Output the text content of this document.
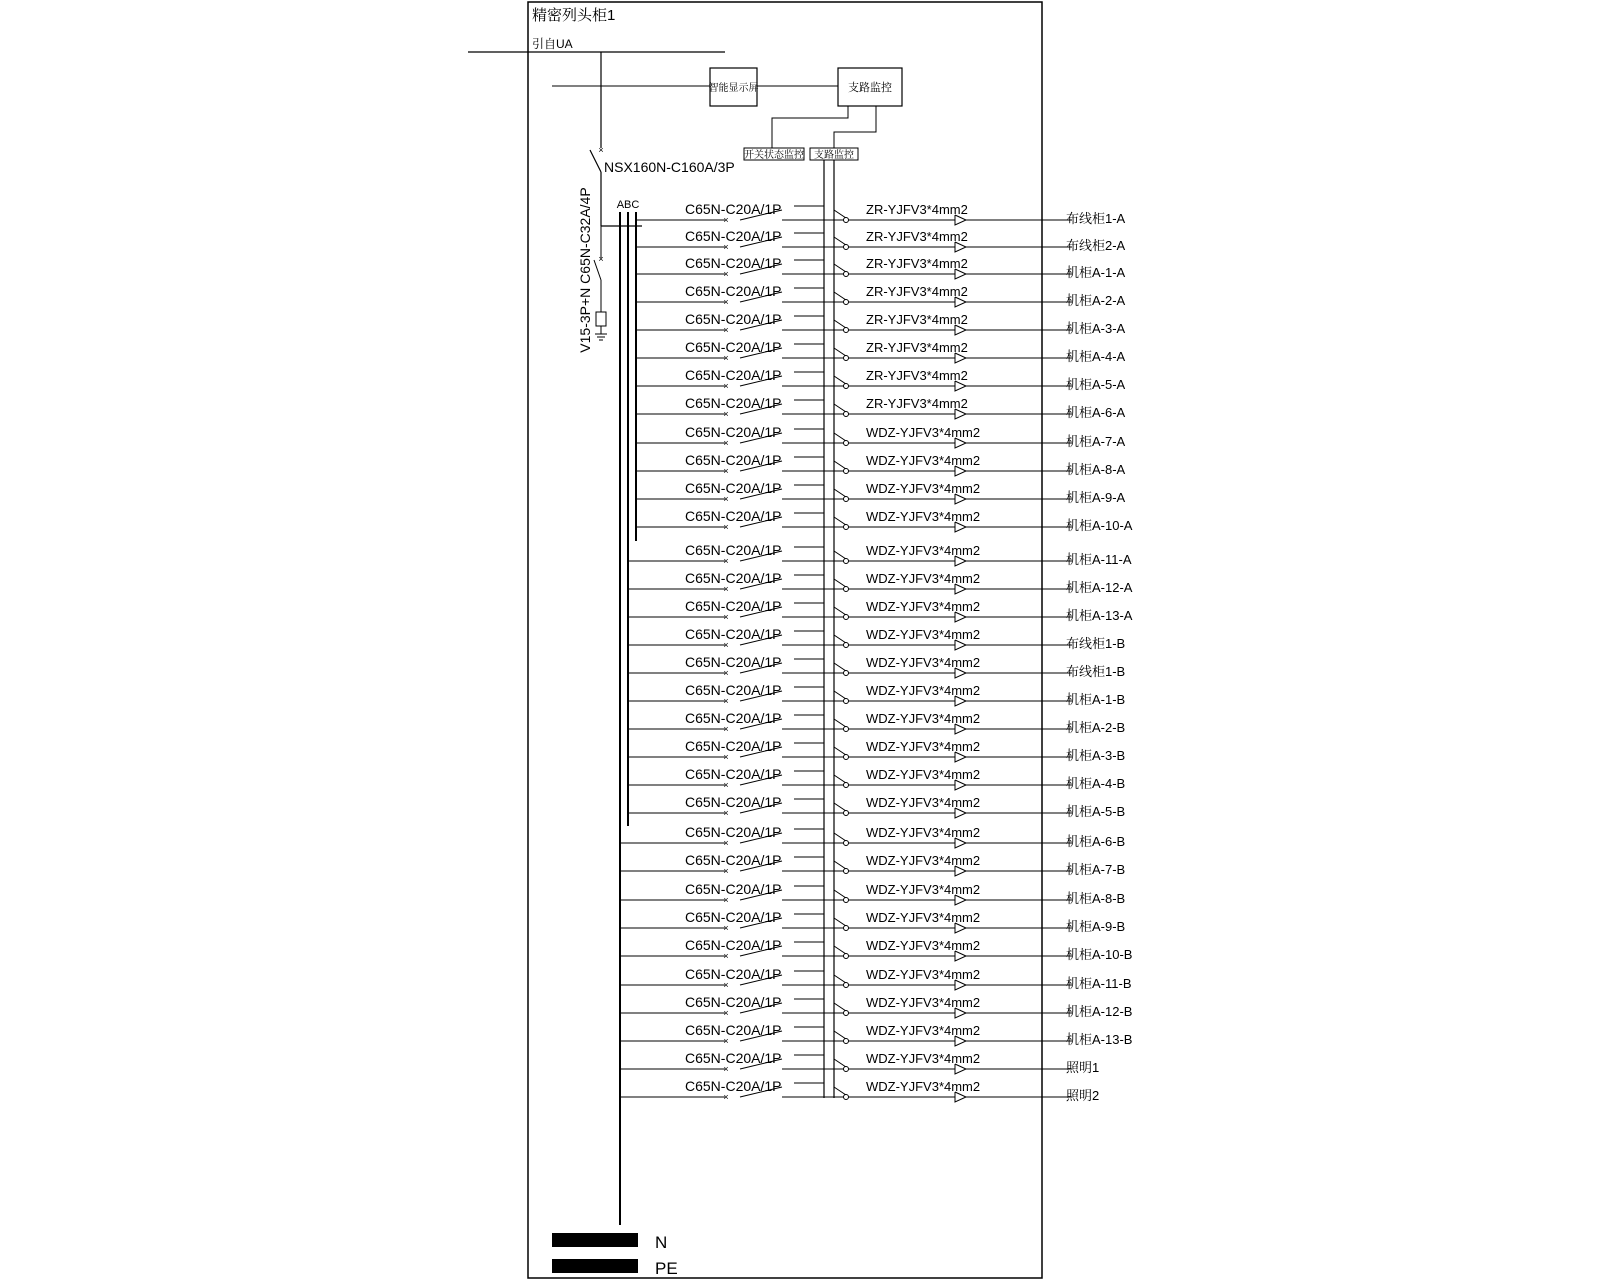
精密列头柜1
引自UA
智能显示屏	支路监控
开关状态监控 支路监控
×
NSX160N-C160A/3P
V15-3P+N C65N-C32A/4P ×
ABC
×
C65N-C20A/1P	ZR-YJFV3*4mm2
布线柜1-A
×
C65N-C20A/1P	ZR-YJFV3*4mm2
布线柜2-A
×
C65N-C20A/1P	ZR-YJFV3*4mm2
机柜A-1-A
×
C65N-C20A/1P	ZR-YJFV3*4mm2
机柜A-2-A
×
C65N-C20A/1P	ZR-YJFV3*4mm2
机柜A-3-A
×
C65N-C20A/1P	ZR-YJFV3*4mm2
机柜A-4-A
×
C65N-C20A/1P	ZR-YJFV3*4mm2
机柜A-5-A
×
C65N-C20A/1P	ZR-YJFV3*4mm2
机柜A-6-A
×
C65N-C20A/1P	WDZ-YJFV3*4mm2
机柜A-7-A
×
C65N-C20A/1P	WDZ-YJFV3*4mm2
机柜A-8-A
×
C65N-C20A/1P	WDZ-YJFV3*4mm2
机柜A-9-A
×
C65N-C20A/1P	WDZ-YJFV3*4mm2
机柜A-10-A
×
C65N-C20A/1P	WDZ-YJFV3*4mm2
机柜A-11-A
×
C65N-C20A/1P	WDZ-YJFV3*4mm2
机柜A-12-A
×
C65N-C20A/1P	WDZ-YJFV3*4mm2
机柜A-13-A
×
C65N-C20A/1P	WDZ-YJFV3*4mm2
布线柜1-B
×
C65N-C20A/1P	WDZ-YJFV3*4mm2
布线柜1-B
×
C65N-C20A/1P	WDZ-YJFV3*4mm2
机柜A-1-B
×
C65N-C20A/1P	WDZ-YJFV3*4mm2
机柜A-2-B
×
C65N-C20A/1P	WDZ-YJFV3*4mm2
机柜A-3-B
×
C65N-C20A/1P	WDZ-YJFV3*4mm2
机柜A-4-B
×
C65N-C20A/1P	WDZ-YJFV3*4mm2
机柜A-5-B
×
C65N-C20A/1P	WDZ-YJFV3*4mm2
机柜A-6-B
×
C65N-C20A/1P	WDZ-YJFV3*4mm2
机柜A-7-B
×
C65N-C20A/1P	WDZ-YJFV3*4mm2
机柜A-8-B
×
C65N-C20A/1P	WDZ-YJFV3*4mm2
机柜A-9-B
×
C65N-C20A/1P	WDZ-YJFV3*4mm2
机柜A-10-B
×
C65N-C20A/1P	WDZ-YJFV3*4mm2
机柜A-11-B
×
C65N-C20A/1P	WDZ-YJFV3*4mm2
机柜A-12-B
×
C65N-C20A/1P	WDZ-YJFV3*4mm2
机柜A-13-B
×
C65N-C20A/1P	WDZ-YJFV3*4mm2
照明1
×
C65N-C20A/1P	WDZ-YJFV3*4mm2
照明2
N
PE
